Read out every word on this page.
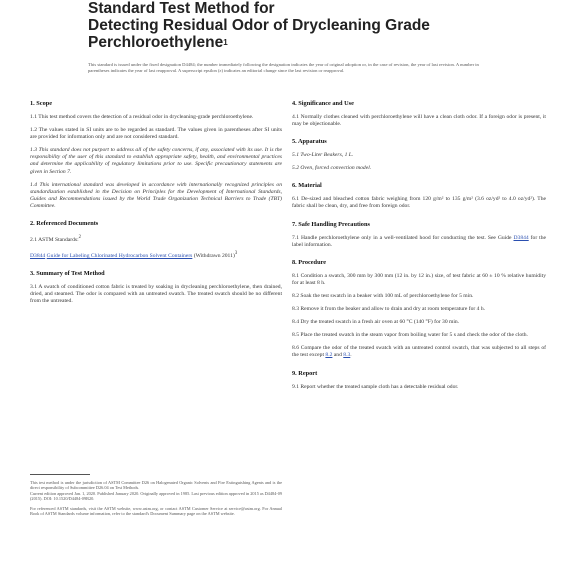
Standard Test Method for
Detecting Residual Odor of Drycleaning Grade
Perchloroethylene$^1$
This standard is issued under the fixed designation D4484; the number immediately following the designation indicates the year of original adoption or, in the case of revision, the year of last revision. A number in parentheses indicates the year of last reapproval. A superscript epsilon (ε) indicates an editorial change since the last revision or reapproval.
1. Scope

1.1 This test method covers the detection of a residual odor in drycleaning-grade perchloroethylene.

1.2 The values stated in SI units are to be regarded as standard. The values given in parentheses after SI units are provided for information only and are not considered standard.

1.3 This standard does not purport to address all of the safety concerns, if any, associated with its use. It is the responsibility of the user of this standard to establish appropriate safety, health, and environmental practices and determine the applicability of regulatory limitations prior to use. Specific precautionary statements are given in Section 7.

1.4 This international standard was developed in accordance with internationally recognized principles on standardization established in the Decision on Principles for the Development of International Standards, Guides and Recommendations issued by the World Trade Organization Technical Barriers to Trade (TBT) Committee.

2. Referenced Documents

2.1 ASTM Standards:$^2$

D3844 Guide for Labeling Chlorinated Hydrocarbon Solvent Containers (Withdrawn 2011)$^3$

3. Summary of Test Method

3.1 A swatch of conditioned cotton fabric is treated by soaking in drycleaning perchloroethylene, then drained, dried, and steamed. The odor is compared with an untreated swatch. The treated swatch should be no different from the untreated.

This test method is under the jurisdiction of ASTM Committee D26 on Halogenated Organic Solvents and Fire Extinguishing Agents and is the direct responsibility of Subcommittee D26.04 on Test Methods.
Current edition approved Jan. 1, 2020. Published January 2020. Originally approved in 1985. Last previous edition approved in 2015 as D4484-09 (2015). DOI: 10.1520/D4484-09R20.

For referenced ASTM standards, visit the ASTM website, www.astm.org, or contact ASTM Customer Service at service@astm.org. For Annual Book of ASTM Standards volume information, refer to the standard's Document Summary page on the ASTM website.

4. Significance and Use

4.1 Normally clothes cleaned with perchloroethylene will have a clean cloth odor. If a foreign odor is present, it may be objectionable.

5. Apparatus

5.1 Two-Liter Beakers, 1 L.

5.2 Oven, forced convection model.

6. Material

6.1 De-sized and bleached cotton fabric weighing from 120 g/m² to 135 g/m² (3.6 oz/yd² to 4.0 oz/yd²). The fabric shall be clean, dry, and free from foreign odor.

7. Safe Handling Precautions

7.1 Handle perchloroethylene only in a well-ventilated hood for conducting the test. See Guide D3844 for the label information.

8. Procedure

8.1 Condition a swatch, 300 mm by 300 mm (12 in. by 12 in.) size, of test fabric at 60 ± 10 % relative humidity for at least 8 h.

8.2 Soak the test swatch in a beaker with 100 mL of perchloroethylene for 5 min.

8.3 Remove it from the beaker and allow to drain and dry at room temperature for 4 h.

8.4 Dry the treated swatch in a fresh air oven at 60 °C (140 °F) for 30 min.

8.5 Place the treated swatch in the steam vapor from boiling water for 5 s and check the odor of the cloth.

8.6 Compare the odor of the treated swatch with an untreated control swatch, that was subjected to all steps of the test except 8.2 and 8.3.

9. Report

9.1 Report whether the treated sample cloth has a detectable residual odor.
